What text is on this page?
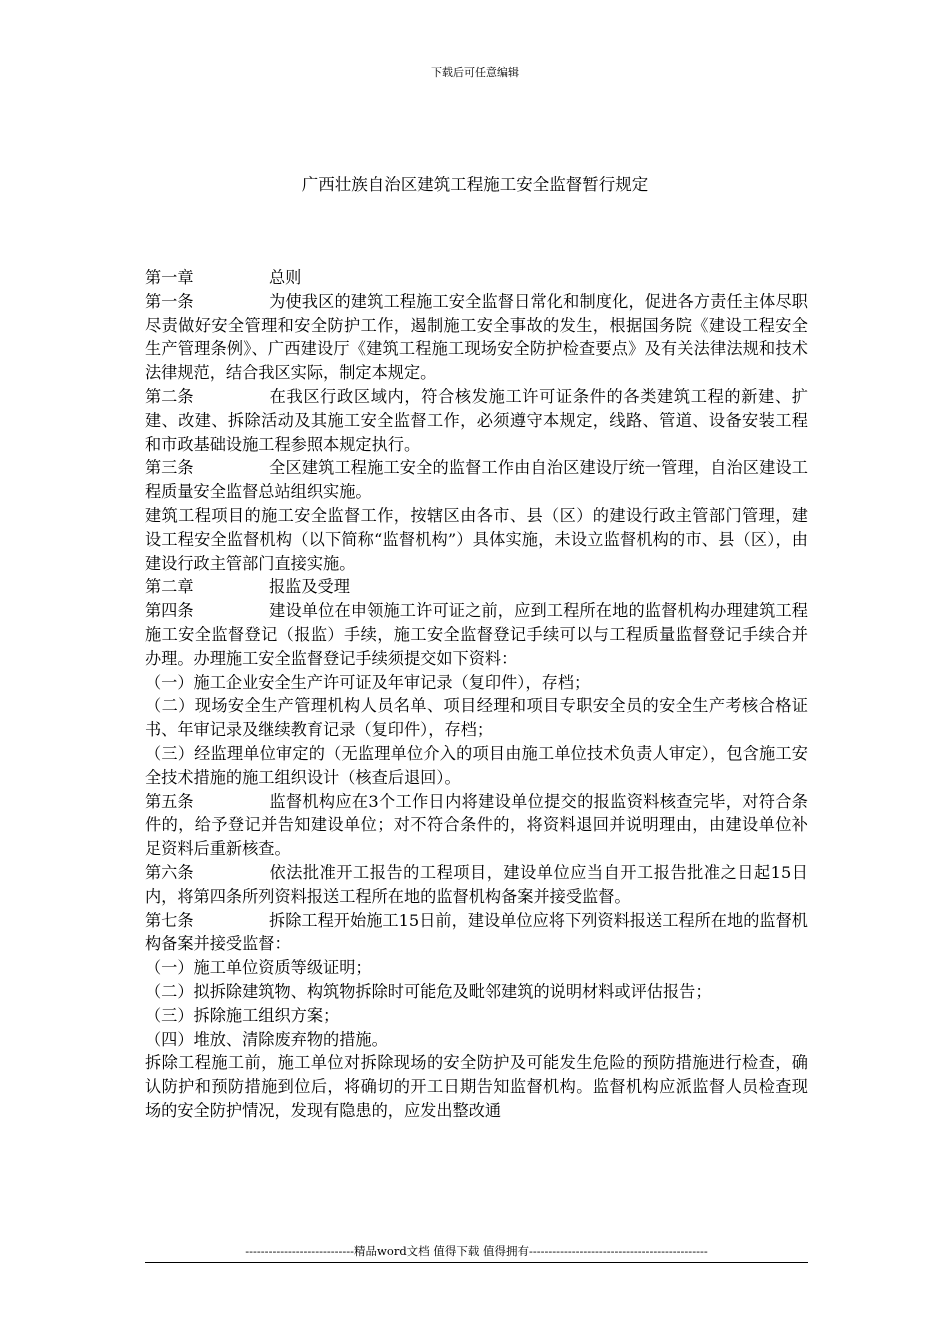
下载后可任意编辑
广西壮族自治区建筑工程施工安全监督暂行规定

第一章	总则

第一条	为使我区的建筑工程施工安全监督日常化和制度化，促进各方责任主体尽职尽责做好安全管理和安全防护工作，遏制施工安全事故的发生，根据国务院《建设工程安全生产管理条例》、广西建设厅《建筑工程施工现场安全防护检查要点》及有关法律法规和技术法律规范，结合我区实际，制定本规定。

第二条	在我区行政区域内，符合核发施工许可证条件的各类建筑工程的新建、扩建、改建、拆除活动及其施工安全监督工作，必须遵守本规定，线路、管道、设备安装工程和市政基础设施工程参照本规定执行。

第三条	全区建筑工程施工安全的监督工作由自治区建设厅统一管理，自治区建设工程质量安全监督总站组织实施。

建筑工程项目的施工安全监督工作，按辖区由各市、县（区）的建设行政主管部门管理，建设工程安全监督机构（以下简称“监督机构”）具体实施，未设立监督机构的市、县（区），由建设行政主管部门直接实施。

第二章	报监及受理

第四条	建设单位在申领施工许可证之前，应到工程所在地的监督机构办理建筑工程施工安全监督登记（报监）手续，施工安全监督登记手续可以与工程质量监督登记手续合并办理。办理施工安全监督登记手续须提交如下资料：

（一）施工企业安全生产许可证及年审记录（复印件），存档；

（二）现场安全生产管理机构人员名单、项目经理和项目专职安全员的安全生产考核合格证书、年审记录及继续教育记录（复印件），存档；

（三）经监理单位审定的（无监理单位介入的项目由施工单位技术负责人审定），包含施工安全技术措施的施工组织设计（核查后退回）。

第五条	监督机构应在3个工作日内将建设单位提交的报监资料核查完毕，对符合条件的，给予登记并告知建设单位；对不符合条件的，将资料退回并说明理由，由建设单位补足资料后重新核查。

第六条	依法批准开工报告的工程项目，建设单位应当自开工报告批准之日起15日内，将第四条所列资料报送工程所在地的监督机构备案并接受监督。

第七条	拆除工程开始施工15日前，建设单位应将下列资料报送工程所在地的监督机构备案并接受监督：

（一）施工单位资质等级证明；

（二）拟拆除建筑物、构筑物拆除时可能危及毗邻建筑的说明材料或评估报告；

（三）拆除施工组织方案；

（四）堆放、清除废弃物的措施。

拆除工程施工前，施工单位对拆除现场的安全防护及可能发生危险的预防措施进行检查，确认防护和预防措施到位后，将确切的开工日期告知监督机构。监督机构应派监督人员检查现场的安全防护情况，发现有隐患的，应发出整改通

----------------------------精品word文档 值得下载 值得拥有----------------------------------------------
